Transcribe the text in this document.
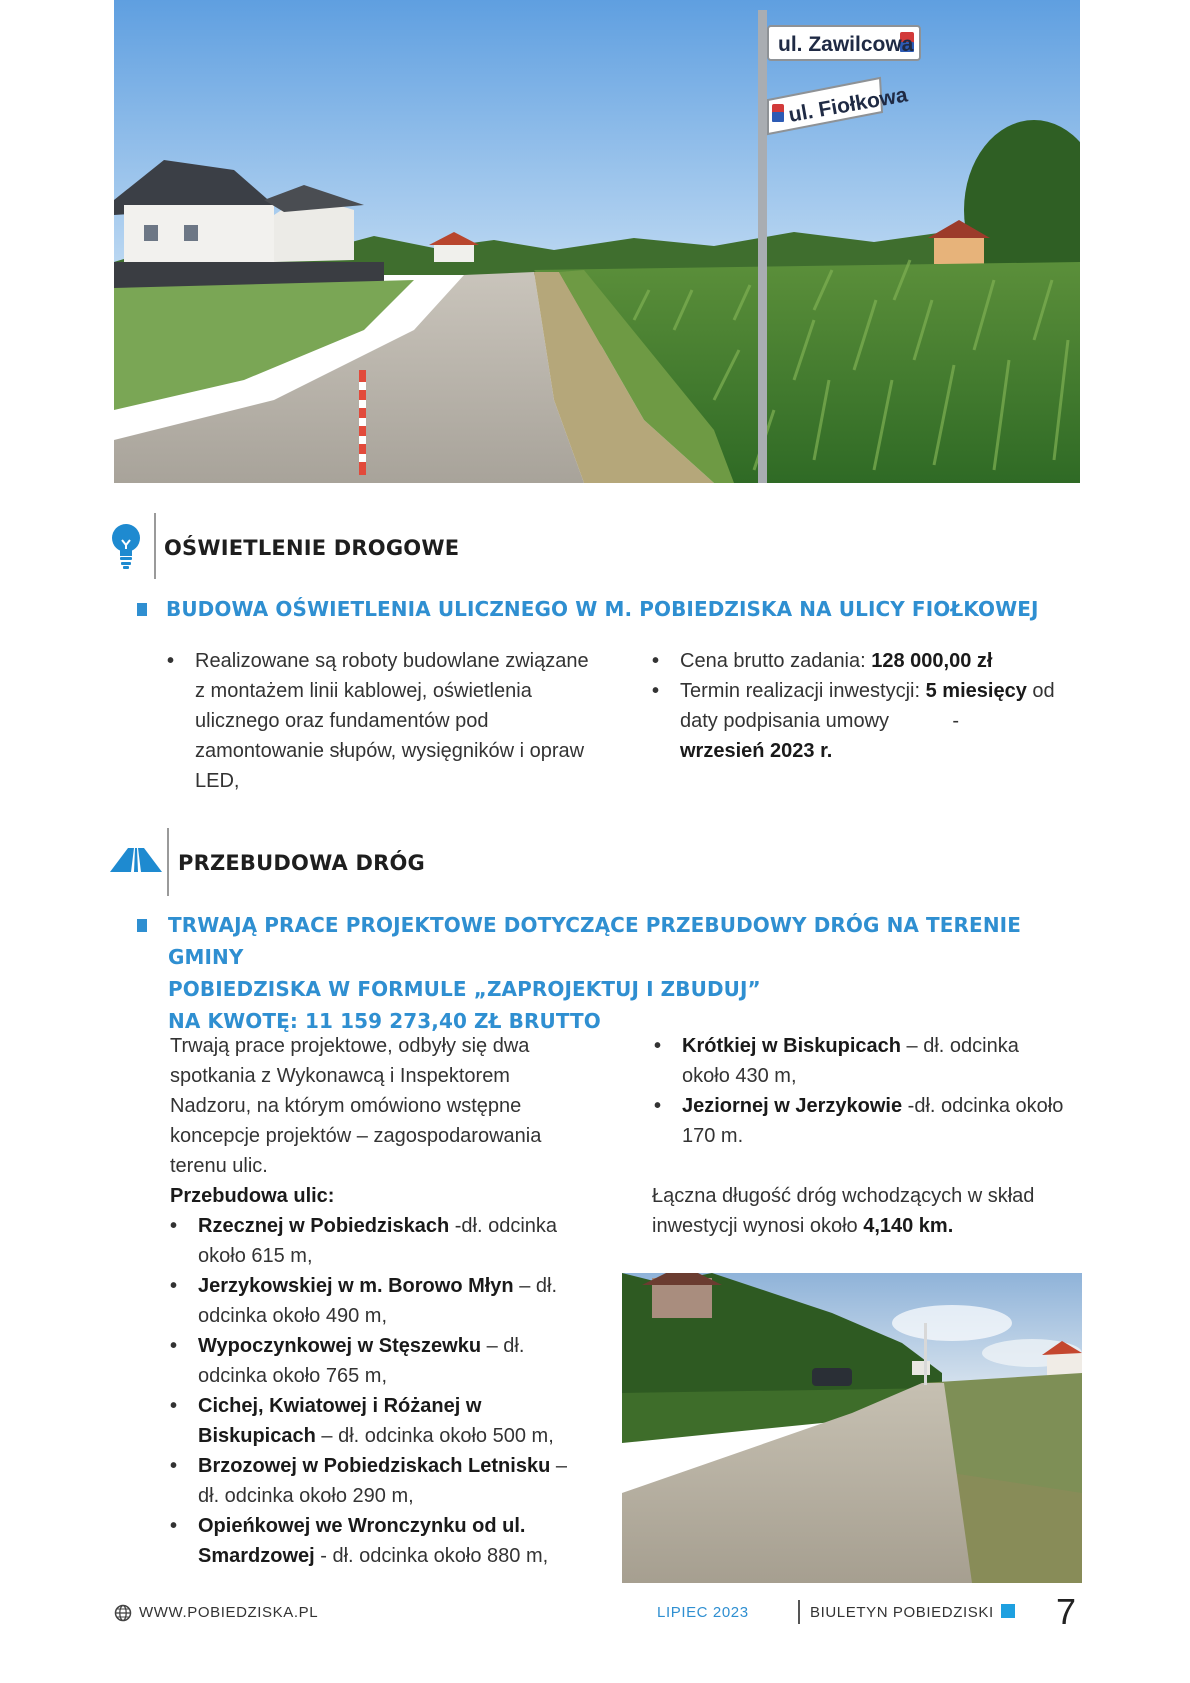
ul. Zawilcowa
ul. Fiołkowa
OŚWIETLENIE DROGOWE
BUDOWA OŚWIETLENIA ULICZNEGO W M. POBIEDZISKA NA ULICY FIOŁKOWEJ
• Realizowane są roboty budowlane związane z montażem linii kablowej, oświetlenia ulicznego oraz fundamentów pod zamontowanie słupów, wysięgników i opraw LED,
• Cena brutto zadania: 128 000,00 zł
• Termin realizacji inwestycji: 5 miesięcy od daty podpisania umowy	-
wrzesień 2023 r.
PRZEBUDOWA DRÓG
TRWAJĄ PRACE PROJEKTOWE DOTYCZĄCE PRZEBUDOWY DRÓG NA TERENIE GMINY
POBIEDZISKA W FORMULE „ZAPROJEKTUJ I ZBUDUJ”
NA KWOTĘ: 11 159 273,40 ZŁ BRUTTO
Trwają prace projektowe, odbyły się dwa spotkania z Wykonawcą i Inspektorem Nadzoru, na którym omówiono wstępne koncepcje projektów – zagospodarowania terenu ulic.
Przebudowa ulic:
• Rzecznej w Pobiedziskach -dł. odcinka około 615 m,
• Jerzykowskiej w m. Borowo Młyn – dł. odcinka około 490 m,
• Wypoczynkowej w Stęszewku – dł. odcinka około 765 m,
• Cichej, Kwiatowej i Różanej w Biskupicach – dł. odcinka około 500 m,
• Brzozowej w Pobiedziskach Letnisku – dł. odcinka około 290 m,
• Opieńkowej we Wronczynku od ul. Smardzowej - dł. odcinka około 880 m,
• Krótkiej w Biskupicach – dł. odcinka około 430 m,
• Jeziornej w Jerzykowie -dł. odcinka około 170 m.
Łączna długość dróg wchodzących w skład inwestycji wynosi około 4,140 km.
WWW.POBIEDZISKA.PL	LIPIEC 2023	BIULETYN POBIEDZISKI 7
